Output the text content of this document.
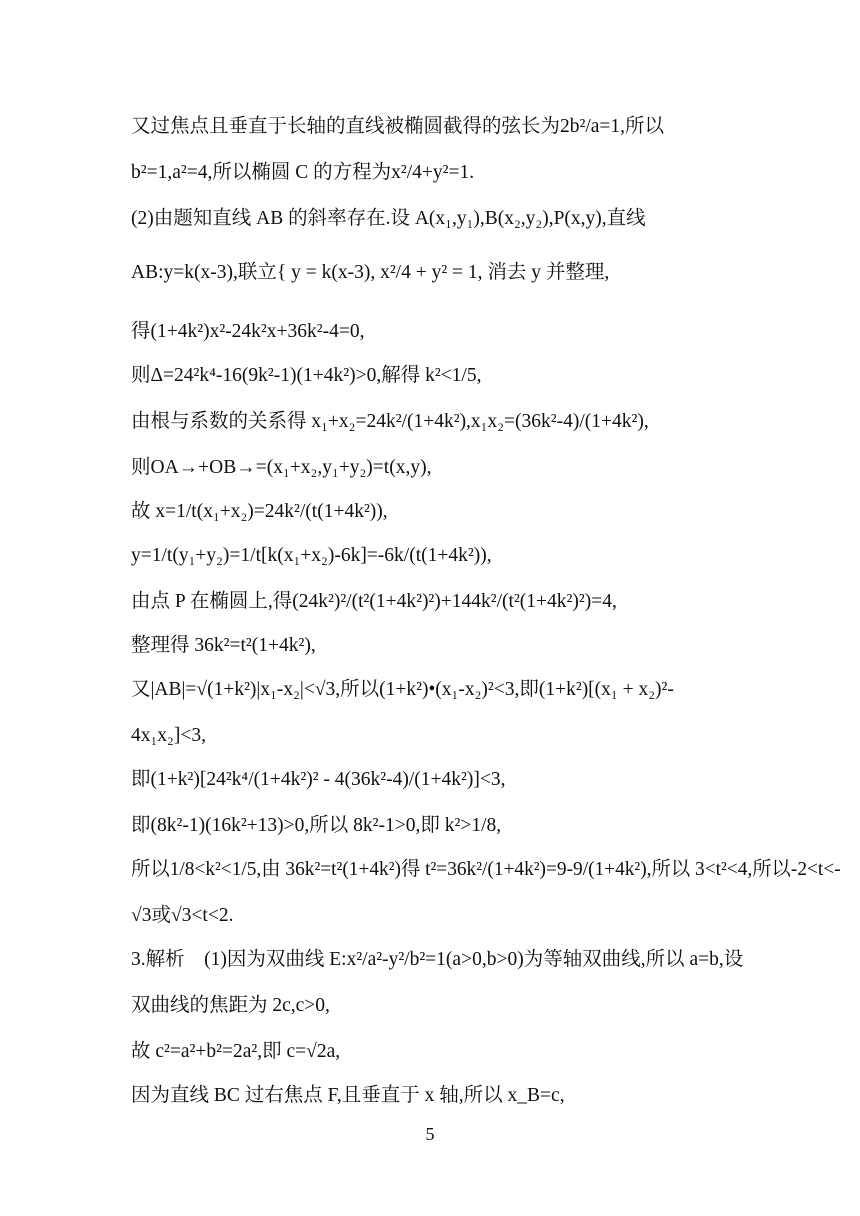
又过焦点且垂直于长轴的直线被椭圆截得的弦长为2b²/a=1,所以
b²=1,a²=4,所以椭圆 C 的方程为x²/4+y²=1.
(2)由题知直线 AB 的斜率存在.设 A(x₁,y₁),B(x₂,y₂),P(x,y),直线
AB:y=k(x-3),联立{ y = k(x-3), x²/4 + y² = 1, 消去 y 并整理,
得(1+4k²)x²-24k²x+36k²-4=0,
则Δ=24²k⁴-16(9k²-1)(1+4k²)>0,解得 k²<1/5,
由根与系数的关系得 x₁+x₂=24k²/(1+4k²),x₁x₂=(36k²-4)/(1+4k²),
则OA→+OB→=(x₁+x₂,y₁+y₂)=t(x,y),
故 x=1/t(x₁+x₂)=24k²/(t(1+4k²)),
y=1/t(y₁+y₂)=1/t[k(x₁+x₂)-6k]=-6k/(t(1+4k²)),
由点 P 在椭圆上,得(24k²)²/(t²(1+4k²)²)+144k²/(t²(1+4k²)²)=4,
整理得 36k²=t²(1+4k²),
又|AB|=√(1+k²)|x₁-x₂|<√3,所以(1+k²)•(x₁-x₂)²<3,即(1+k²)[(x₁ + x₂)²-
4x₁x₂]<3,
即(1+k²)[24²k⁴/(1+4k²)² - 4(36k²-4)/(1+4k²)]<3,
即(8k²-1)(16k²+13)>0,所以 8k²-1>0,即 k²>1/8,
所以1/8<k²<1/5,由 36k²=t²(1+4k²)得 t²=36k²/(1+4k²)=9-9/(1+4k²),所以 3<t²<4,所以-2<t<-
√3或√3<t<2.
3.解析　(1)因为双曲线 E:x²/a²-y²/b²=1(a>0,b>0)为等轴双曲线,所以 a=b,设
双曲线的焦距为 2c,c>0,
故 c²=a²+b²=2a²,即 c=√2a,
因为直线 BC 过右焦点 F,且垂直于 x 轴,所以 x_B=c,
5
